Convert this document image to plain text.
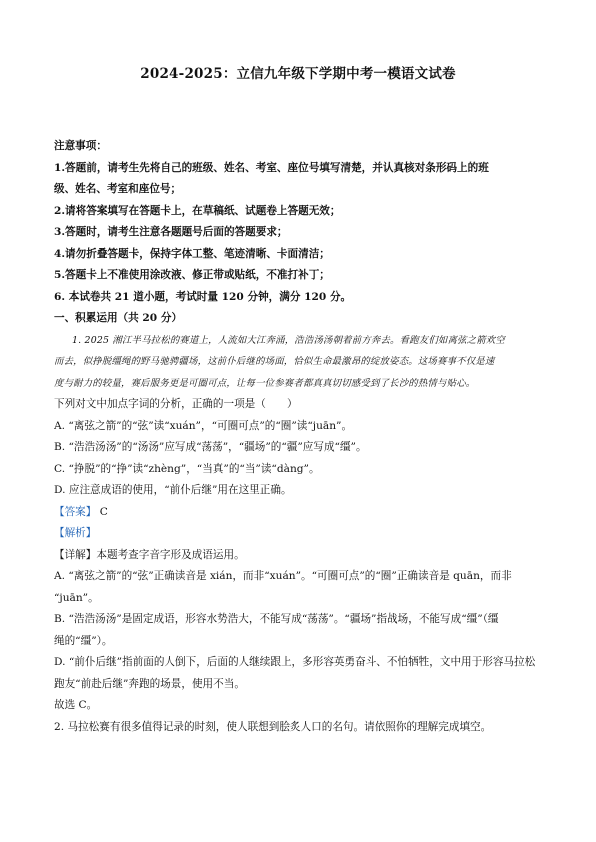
2024-2025：立信九年级下学期中考一模语文试卷
注意事项：
1.答题前，请考生先将自己的班级、姓名、考室、座位号填写清楚，并认真核对条形码上的班
级、姓名、考室和座位号；
2.请将答案填写在答题卡上，在草稿纸、试题卷上答题无效；
3.答题时，请考生注意各题题号后面的答题要求；
4.请勿折叠答题卡，保持字体工整、笔迹清晰、卡面清洁；
5.答题卡上不准使用涂改液、修正带或贴纸，不准打补丁；
6. 本试卷共 21 道小题，考试时量 120 分钟，满分 120 分。
一、积累运用（共 20 分）
1. 2025 湘江半马拉松的赛道上，人流如大江奔涌，浩浩汤汤朝着前方奔去。看跑友们如离弦之箭欢空
而去，似挣脱缰绳的野马驰骋疆场，这前仆后继的场面，恰似生命最激昂的绽放姿态。这场赛事不仅是速
度与耐力的较量，赛后服务更是可圈可点，让每一位参赛者都真真切切感受到了长沙的热情与贴心。
下列对文中加点字词的分析，正确的一项是（　　）
A. “离弦之箭”的“弦”读“xuán”，“可圈可点”的“圈”读“juān”。
B. “浩浩汤汤”的“汤汤”应写成“荡荡”，“疆场”的“疆”应写成“缰”。
C. “挣脱”的“挣”读“zhèng”，“当真”的“当”读“dàng”。
D. 应注意成语的使用，“前仆后继”用在这里正确。
【 答案 】 C
【 解析 】
【 详解 】 本题考查字音字形及成语运用。
A. “离弦之箭”的“弦”正确读音是 xián，而非“xuán”。“可圈可点”的“圈”正确读音是 quān，而非
“juān”。
B. “浩浩汤汤”是固定成语，形容水势浩大，不能写成“荡荡”。“疆场”指战场，不能写成“缰”（缰
绳的“缰”）。
D. “前仆后继”指前面的人倒下，后面的人继续跟上，多形容英勇奋斗、不怕牺牲，文中用于形容马拉松
跑友“前赴后继”奔跑的场景，使用不当。
故选 C。
2. 马拉松赛有很多值得记录的时刻，使人联想到脍炙人口的名句。请依照你的理解完成填空。
